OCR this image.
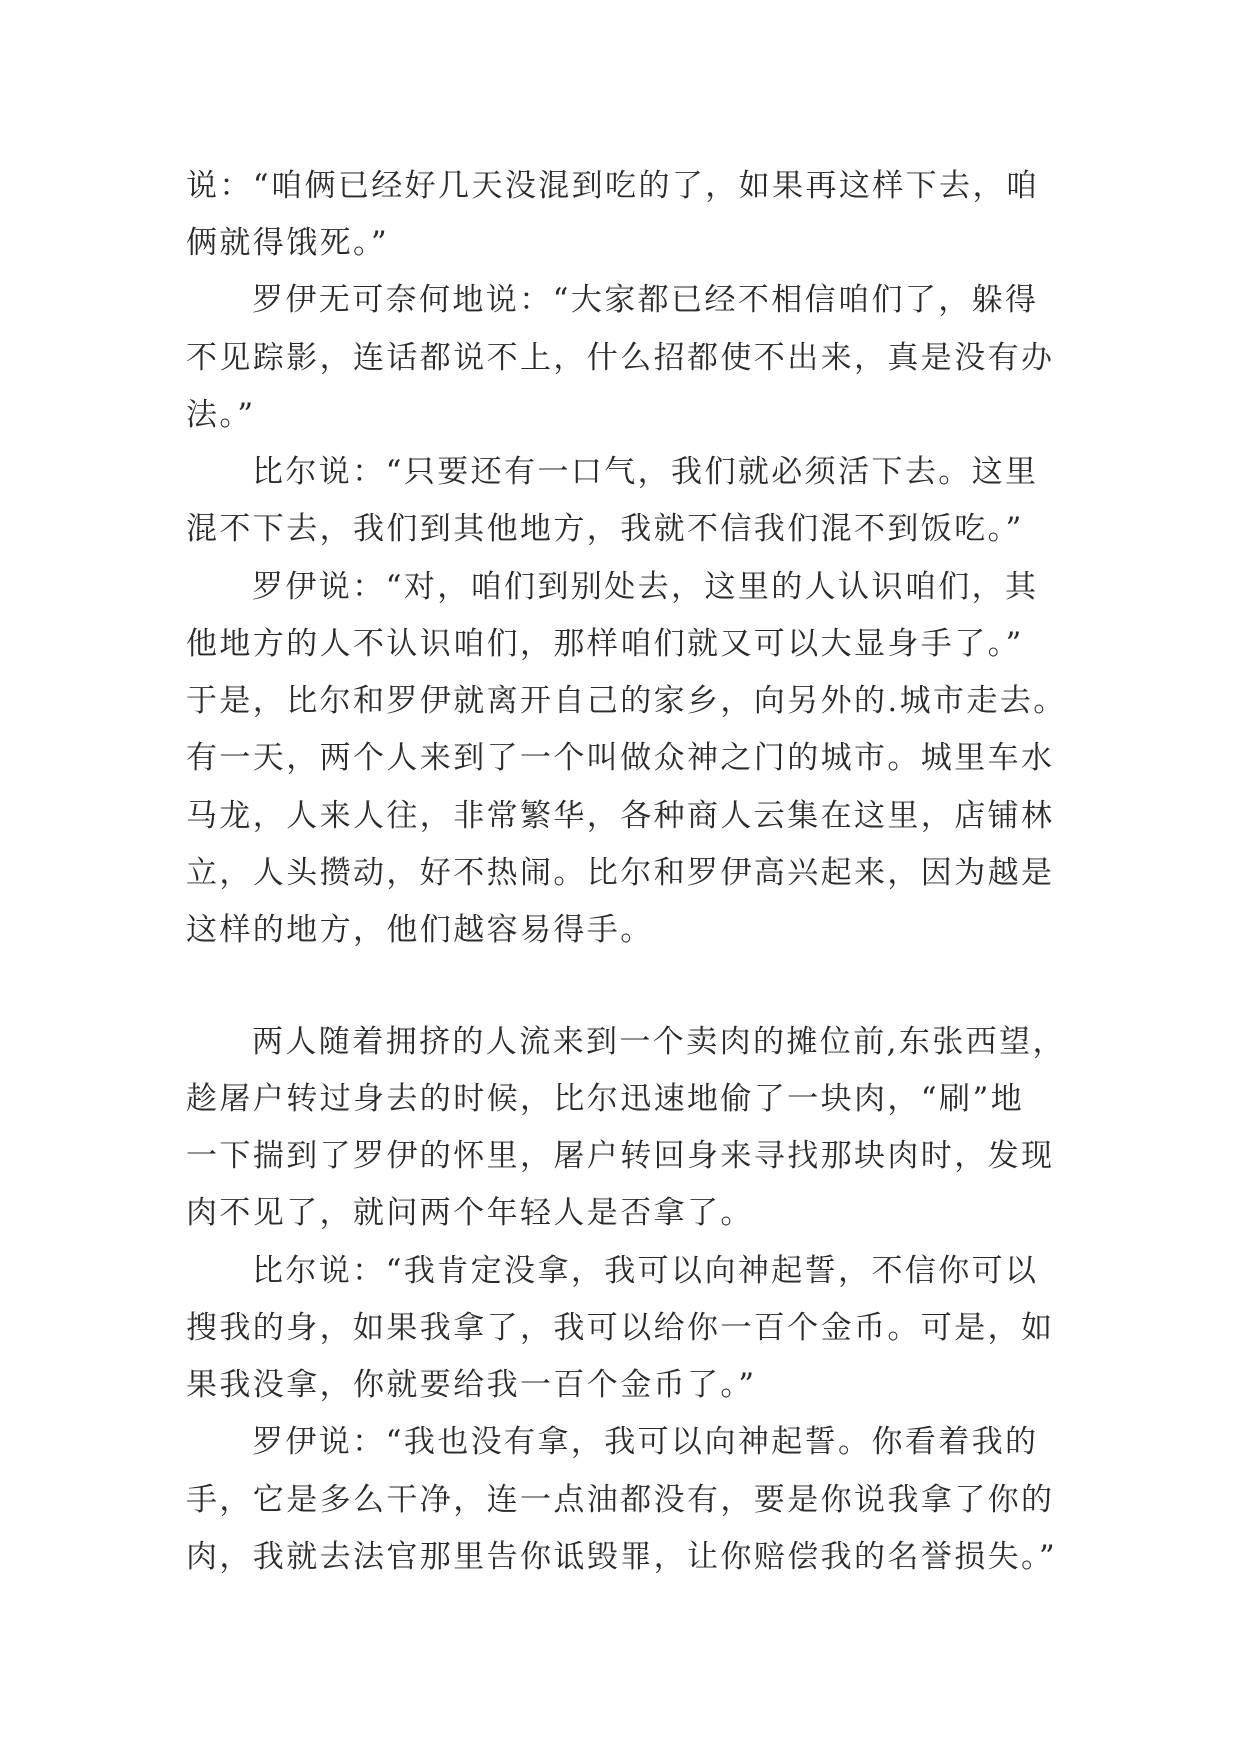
说：“咱俩已经好几天没混到吃的了，如果再这样下去，咱
俩就得饿死。”
罗伊无可奈何地说：“大家都已经不相信咱们了，躲得
不见踪影，连话都说不上，什么招都使不出来，真是没有办
法。”
比尔说：“只要还有一口气，我们就必须活下去。这里
混不下去，我们到其他地方，我就不信我们混不到饭吃。”
罗伊说：“对，咱们到别处去，这里的人认识咱们，其
他地方的人不认识咱们，那样咱们就又可以大显身手了。”
于是，比尔和罗伊就离开自己的家乡，向另外的.城市走去。
有一天，两个人来到了一个叫做众神之门的城市。城里车水
马龙，人来人往，非常繁华，各种商人云集在这里，店铺林
立，人头攒动，好不热闹。比尔和罗伊高兴起来，因为越是
这样的地方，他们越容易得手。
两人随着拥挤的人流来到一个卖肉的摊位前,东张西望，
趁屠户转过身去的时候，比尔迅速地偷了一块肉，“刷”地
一下揣到了罗伊的怀里，屠户转回身来寻找那块肉时，发现
肉不见了，就问两个年轻人是否拿了。
比尔说：“我肯定没拿，我可以向神起誓，不信你可以
搜我的身，如果我拿了，我可以给你一百个金币。可是，如
果我没拿，你就要给我一百个金币了。”
罗伊说：“我也没有拿，我可以向神起誓。你看着我的
手，它是多么干净，连一点油都没有，要是你说我拿了你的
肉，我就去法官那里告你诋毁罪，让你赔偿我的名誉损失。”
